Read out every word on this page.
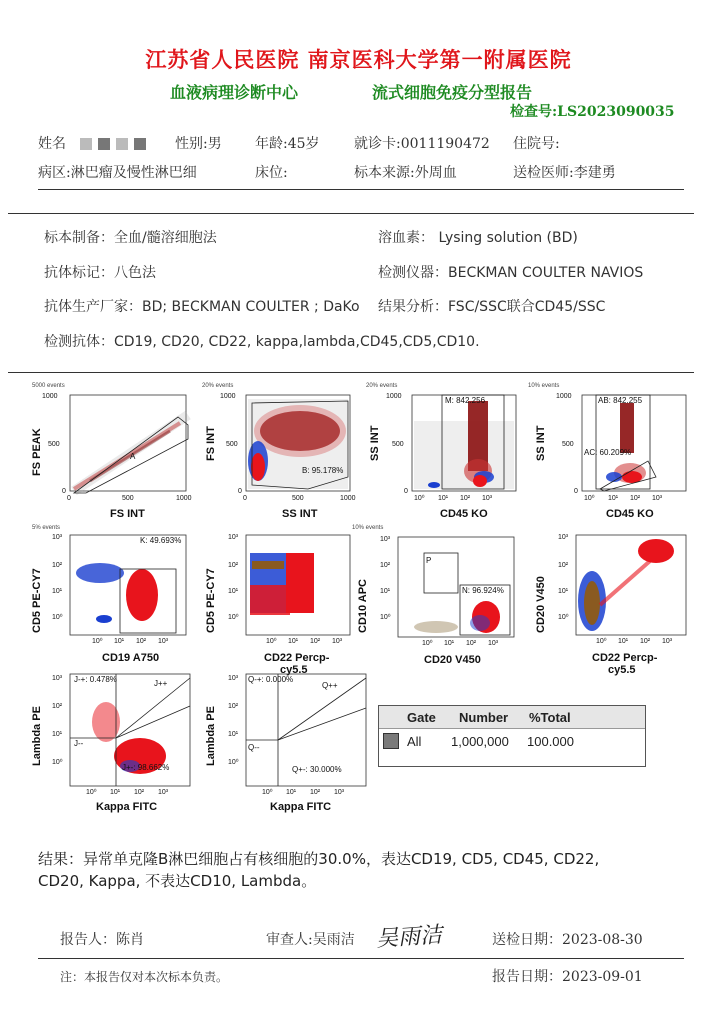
江苏省人民医院 南京医科大学第一附属医院
血液病理诊断中心	流式细胞免疫分型报告
检查号:LS2023090035
姓名	性别:男 年龄:45岁 就诊卡:0011190472 住院号:
病区:淋巴瘤及慢性淋巴细	床位:	标本来源:外周血	送检医师:李建勇
标本制备：全血/髓溶细胞法	溶血素： Lysing solution (BD)
抗体标记：八色法	检测仪器：BECKMAN COULTER NAVIOS
抗体生产厂家：BD; BECKMAN COULTER ; DaKo 结果分析：FSC/SSC联合CD45/SSC
检测抗体：CD19, CD20, CD22, kappa,lambda,CD45,CD5,CD10.
5000 events
1000
500
0
0	500	1000
A
FS INT
FS PEAK
20% events
1000
500
0
0	500	1000
B: 95.178%
SS INT
FS INT
20% events
1000
500
0
10⁰ 10¹ 10² 10³
M: 842.256
CD45 KO
SS INT
10% events
1000
500
0
10⁰ 10¹ 10² 10³
AB: 842.255
AC: 60.209%
CD45 KO
SS INT
5% events
10³
10²
10¹
10⁰
10⁰ 10¹ 10² 10³
K: 49.693%
CD19 A750
CD5 PE-CY7
10³
10²
10¹
10⁰
10⁰ 10¹ 10² 10³
CD22 Percp-
cy5.5
CD5 PE-CY7
10% events
10³
10²
10¹
10⁰
10⁰ 10¹ 10² 10³
P
N: 96.924%
CD20 V450
CD10 APC
10³
10²
10¹
10⁰
10⁰ 10¹ 10² 10³
CD22 Percp-
cy5.5
CD20 V450
10³
10²
10¹
10⁰
10⁰ 10¹ 10² 10³
J-+: 0.478%	J++
J--
J+-: 98.662%
Kappa FITC
Lambda PE
10³
10²
10¹
10⁰
10⁰ 10¹ 10² 10³
Q-+: 0.000%
Q++
Q--
Q+-: 30.000%
Kappa FITC
Lambda PE	Gate	Number	%Total
All	1,000,000	100.000
结果：异常单克隆B淋巴细胞占有核细胞的30.0%，表达CD19, CD5, CD45, CD22,
CD20, Kappa, 不表达CD10, Lambda。
报告人：陈肖	审查人:吴雨洁 吴雨洁	送检日期：2023-08-30
注：本报告仅对本次标本负责。	报告日期：2023-09-01
